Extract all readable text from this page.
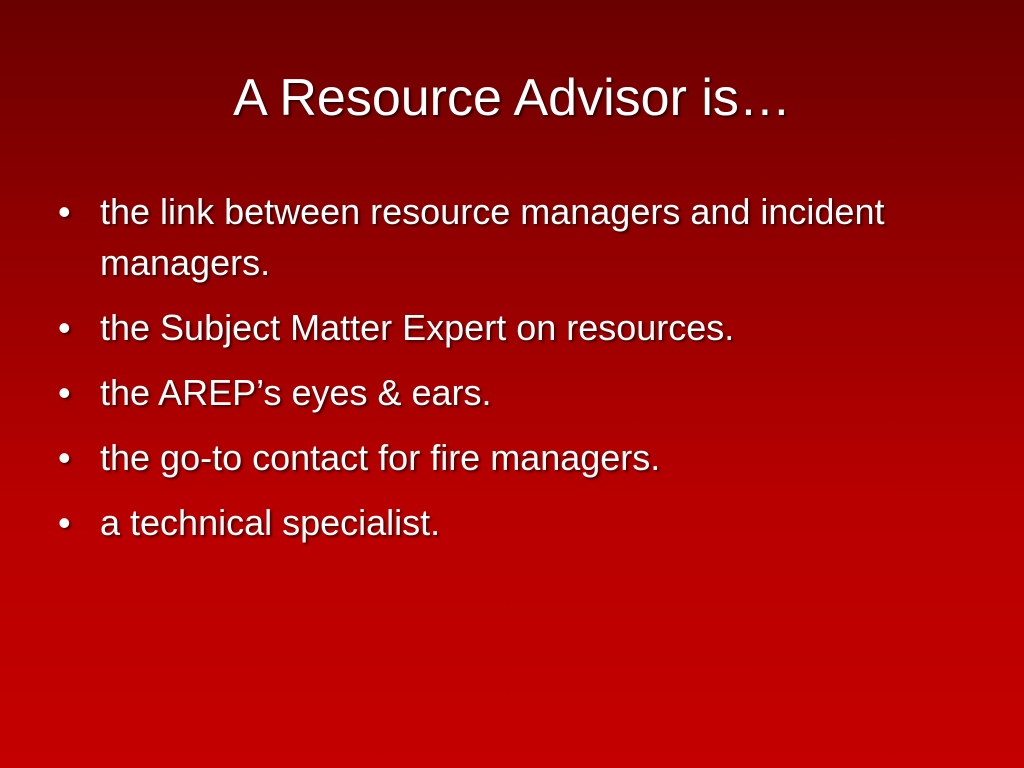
A Resource Advisor is…
• the link between resource managers and incident managers.
• the Subject Matter Expert on resources.
• the AREP’s eyes & ears.
• the go-to contact for fire managers.
• a technical specialist.
